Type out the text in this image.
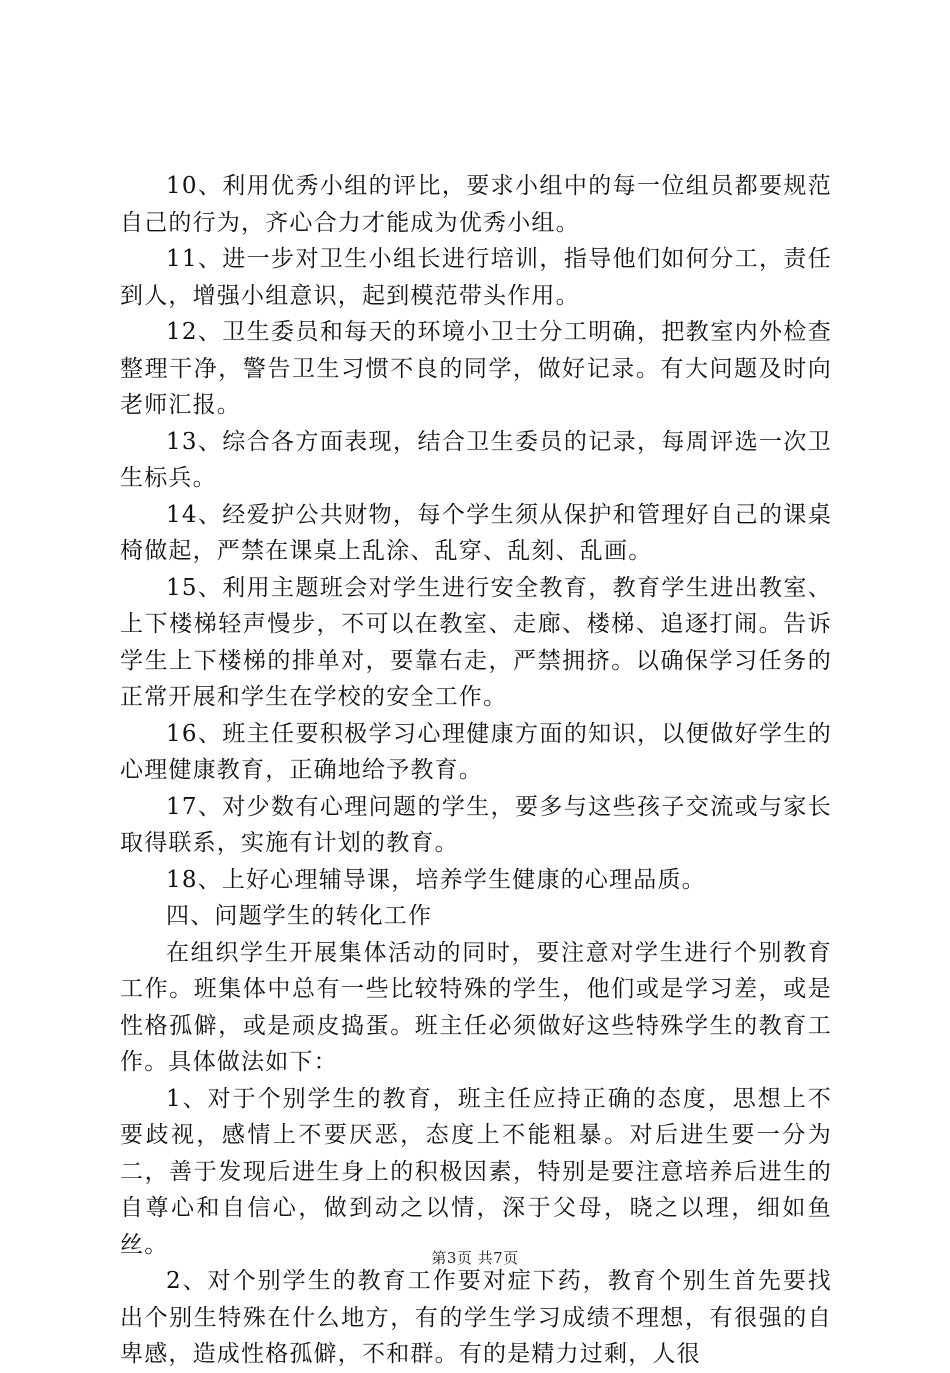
10、利用优秀小组的评比，要求小组中的每一位组员都要规范自己的行为，齐心合力才能成为优秀小组。

11、进一步对卫生小组长进行培训，指导他们如何分工，责任到人，增强小组意识，起到模范带头作用。

12、卫生委员和每天的环境小卫士分工明确，把教室内外检查整理干净，警告卫生习惯不良的同学，做好记录。有大问题及时向老师汇报。

13、综合各方面表现，结合卫生委员的记录，每周评选一次卫生标兵。

14、经爱护公共财物，每个学生须从保护和管理好自己的课桌椅做起，严禁在课桌上乱涂、乱穿、乱刻、乱画。

15、利用主题班会对学生进行安全教育，教育学生进出教室、上下楼梯轻声慢步，不可以在教室、走廊、楼梯、追逐打闹。告诉学生上下楼梯的排单对，要靠右走，严禁拥挤。以确保学习任务的正常开展和学生在学校的安全工作。

16、班主任要积极学习心理健康方面的知识，以便做好学生的心理健康教育，正确地给予教育。

17、对少数有心理问题的学生，要多与这些孩子交流或与家长取得联系，实施有计划的教育。

18、上好心理辅导课，培养学生健康的心理品质。

四、问题学生的转化工作

在组织学生开展集体活动的同时，要注意对学生进行个别教育工作。班集体中总有一些比较特殊的学生，他们或是学习差，或是性格孤僻，或是顽皮捣蛋。班主任必须做好这些特殊学生的教育工作。具体做法如下：

1、对于个别学生的教育，班主任应持正确的态度，思想上不要歧视，感情上不要厌恶，态度上不能粗暴。对后进生要一分为二，善于发现后进生身上的积极因素，特别是要注意培养后进生的自尊心和自信心，做到动之以情，深于父母，晓之以理，细如鱼丝。

2、对个别学生的教育工作要对症下药，教育个别生首先要找出个别生特殊在什么地方，有的学生学习成绩不理想，有很强的自卑感，造成性格孤僻，不和群。有的是精力过剩，人很

第3页 共7页
